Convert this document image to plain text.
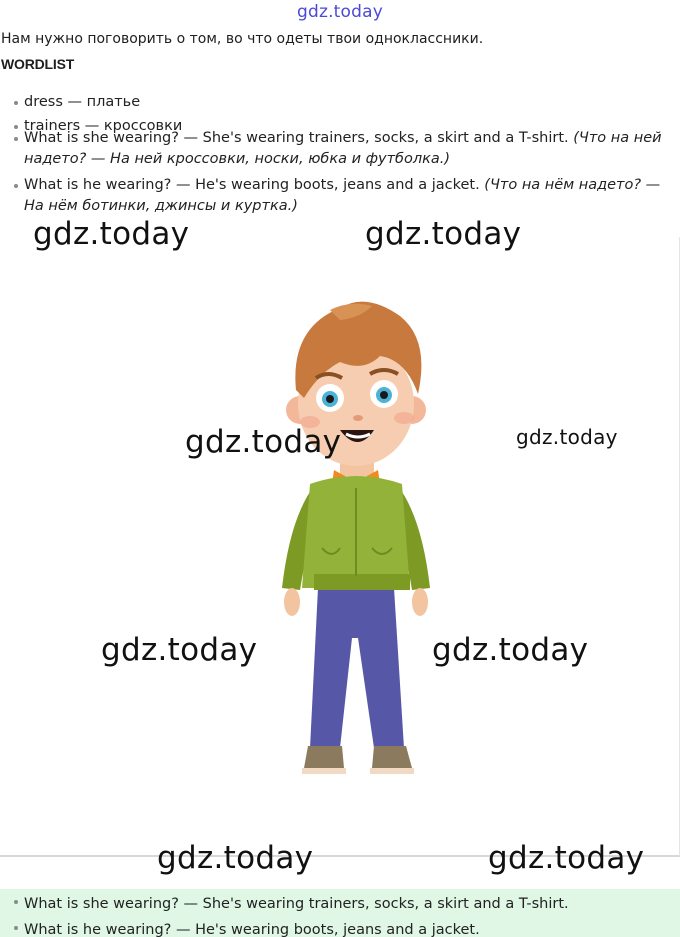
gdz.today
Нам нужно поговорить о том, во что одеты твои одноклассники.
WORDLIST
dress — платье
trainers — кроссовки
What is she wearing? — She's wearing trainers, socks, a skirt and a T-shirt. (Что на ней надето? — На ней кроссовки, носки, юбка и футболка.)
What is he wearing? — He's wearing boots, jeans and a jacket. (Что на нём надето? — На нём ботинки, джинсы и куртка.)
gdz.today	gdz.today
gdz.today	gdz.today
gdz.today	gdz.today
gdz.today	gdz.today
What is she wearing? — She's wearing trainers, socks, a skirt and a T-shirt.
What is he wearing? — He's wearing boots, jeans and a jacket.
